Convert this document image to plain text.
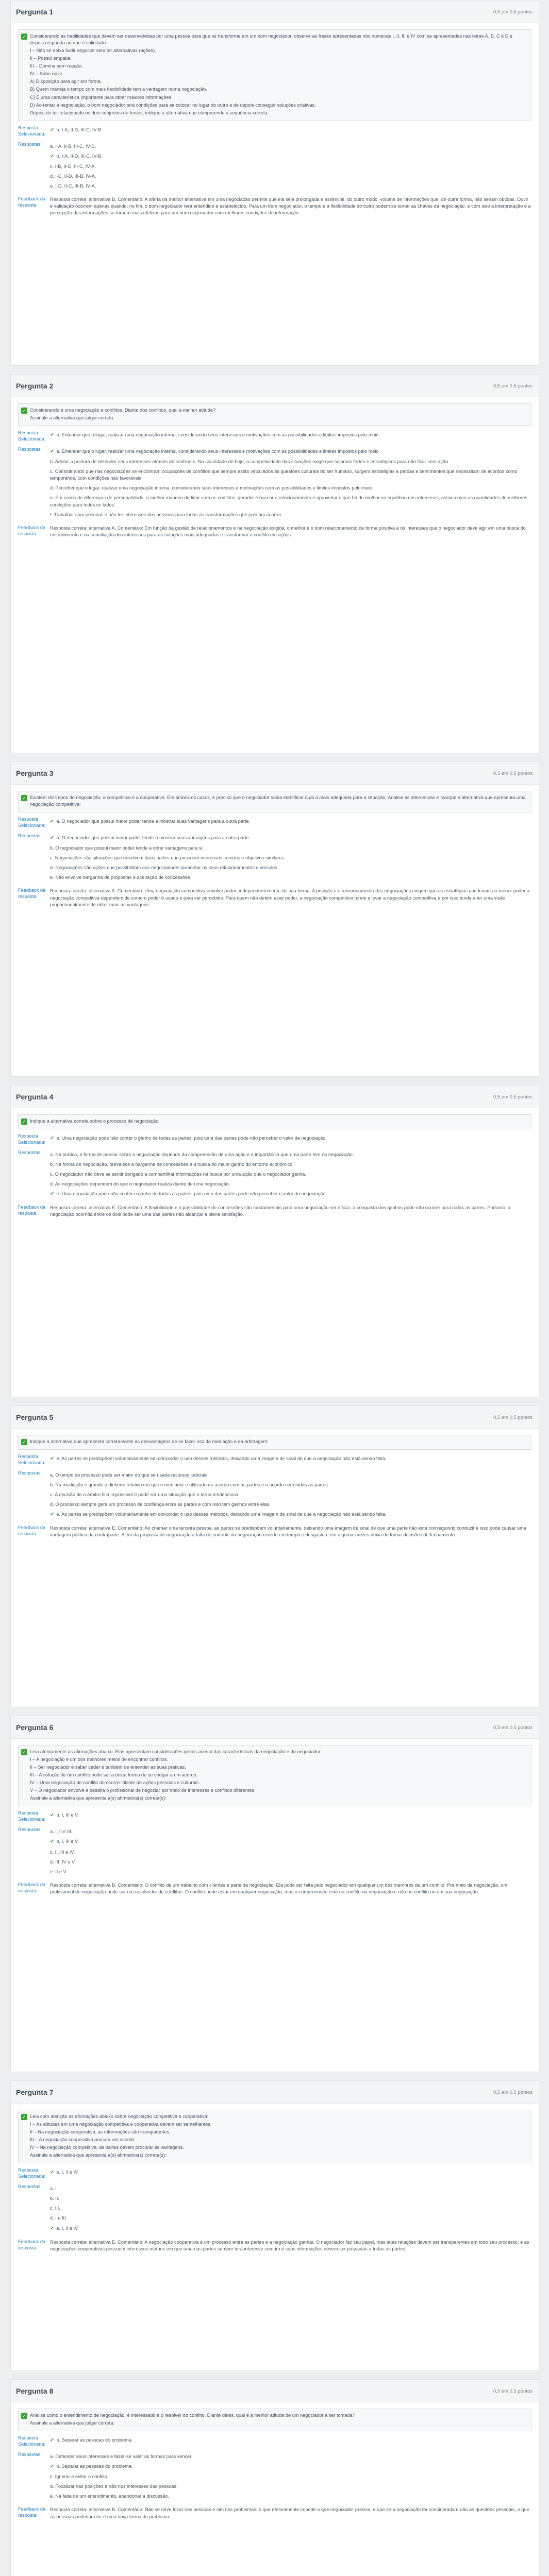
Pergunta 1	0,5 em 0,5 pontos
✓ Considerando as habilidades que devem ser desenvolvidas por uma pessoa para que se transforme em um bom negociador, observe as frases apresentadas nos numerais I, II, III e IV com as apresentadas nas letras A, B, C e D e depois responda ao que é solicitado:

I – Não se deixa iludir negociar sem ter alternativas (ações).

II – Possui empatia.

III – Domina sem reação.

IV – Sabe ouvir.

A) Disposição para agir em forma.

B) Quem maneja o tempo com mais flexibilidade tem a vantagem numa negociação.

C) É uma característica importante para obter maiores informações.

D) Ao tentar a negociação, o bom negociador terá condições para se colocar no lugar do outro e de depois conseguir soluções criativas.

Depois de ter relacionado os dois conjuntos de frases, indique a alternativa que compreende a sequência correta:

Resposta Selecionada:
✔ b. I-A, II-D, III-C, IV-B.
Respostas:	a. I-A, II-B, III-C, IV-D.
✔ b. I-A, II-D, III-C, IV-B.
c. I-B, II-D, III-C, IV-A.
d. I-C, II-D, III-B, IV-A.
e. I-D, II-C, III-B, IV-A.
Feedback da resposta:
Resposta correta: alternativa B. Comentário: A oferta da melhor alternativa em uma negociação permite que ela seja prolongada e essencial, do outro modo, volume de informações que, de outra forma, não seriam obtidas. Ouvir e validação ocorrem apenas quando, no fim, o bom negociador terá entendido e estabelecido. Para um bom negociador, o tempo e a flexibilidade do outro podem se tornar as chaves da negociação, e com isso a interpretação e a percepção das informações se tornam mais efetivas para um bom negociador com melhores condições de informação.
Pergunta 2	0,5 em 0,5 pontos
✓ Considerando a uma negociação e conflitos. Diante dos conflitos, qual a melhor atitude?

Assinale a alternativa que julgar correta:

Resposta Selecionada:
✔ a. Entender que o lugar, realizar uma negociação interna, considerando seus interesses e motivações com as possibilidades e limites impostos pelo meio.
Respostas:	✔ a. Entender que o lugar, realizar uma negociação interna, considerando seus interesses e motivações com as possibilidades e limites impostos pelo meio.
b. Adotar a postura de defender seus interesses através do confronto. Na sociedade de hoje, a competividade das situações exige que sejamos fortes e estratégicos para não ficar sem ação.
c. Considerando que nas negociações se encontram ocupações de conflitos que sempre estão vinculados às questões culturais do ser humano, surgem estratégias a perdas e sentimentos que necessitam de acordos como temporários, com condições não favoráveis.
d. Perceber que o lugar, realizar uma negociação interna, considerando seus interesses e motivações com as possibilidades e limites impostos pelo meio.
e. Em casos de diferenças de personalidade, a melhor maneira de lidar com os conflitos, gerador é buscar o relacionamento e aproveitar o que há de melhor no equilíbrio dos interesses, assim como as quantidades de melhores condições para todos os lados.
f. Trabalhar com pessoas e não ter interesses dos pessoas para todas as transformações que possam ocorrer.
Feedback da resposta:
Resposta correta: alternativa A. Comentário: Em função da gestão de relacionamentos e na negociação exigida, o melhor é o bom relacionamento de forma positiva e os interesses que o negociador deve agir em uma busca do entendimento e na conciliação dos interesses para as soluções mais adequadas e transformar o conflito em ações.
Pergunta 3	0,5 em 0,5 pontos
✓ Existem dois tipos de negociação, a competitiva e a cooperativa. Em ambos os casos, é preciso que o negociador saiba identificar qual a mais adequada para a situação. Analise as alternativas e marque a alternativa que apresenta uma negociação competitiva:

Resposta Selecionada:
✔ a. O negociador que possui maior poder tende a mostrar suas vantagens para a outra parte.
Respostas:	✔ a. O negociador que possui maior poder tende a mostrar suas vantagens para a outra parte.
b. O negociador que possui maior poder tende a obter vantagens para si.
c. Negociações são situações que envolvem duas partes que possuem interesses comuns e objetivos similares.
d. Negociações são ações que possibilitam aos negociadores aumentar os seus relacionamentos e vínculos.
e. Não envolve barganha de propostas e aceitação de concessões.
Feedback da resposta:
Resposta correta: alternativa A. Comentário: Uma negociação competitiva envolve poder, independentemente de sua forma. A posição e o relacionamento das negociações exigem que as estratégias que levam ao menor poder a negociação competitiva dependem de como o poder é usado e para ser percebido. Para quem não detém esse poder, a negociação competitiva tende a levar a negociação competitiva e por isso tende a ter uma visão proporcionalmente de obter mais as vantagens.
Pergunta 4	0,5 em 0,5 pontos
✓ Indique a alternativa correta sobre o processo de negociação.

Resposta Selecionada:
✔ e. Uma negociação pode não conter o ganho de todas as partes, pois uma das partes pode não perceber o valor da negociação.
Respostas:	a. Na prática, a forma de pensar sobre a negociação depende da compreensão de uma ação e a importância que uma parte tem na negociação.
b. Na forma de negociação, prevalece a barganha de concessões e a busca do maior ganho do entorno econômico.
c. O negociador não deve se sentir obrigado a compartilhar informações na busca por uma ação que o negociador ganha.
d. As negociações dependem do que o negociador realiza diante de uma negociação.
✔ e. Uma negociação pode não conter o ganho de todas as partes, pois uma das partes pode não perceber o valor da negociação.
Feedback da resposta:
Resposta correta: alternativa E. Comentário: A flexibilidade e a possibilidade de concessões são fundamentais para uma negociação ser eficaz, a conquista dos ganhos pode não ocorrer para todas as partes. Portanto, a negociação ocorrida entre os dois pode ser uma das partes não alcançar a plena satisfação.
Pergunta 5	0,5 em 0,5 pontos
✓ Indique a alternativa que apresenta corretamente as desvantagens de se fazer uso da mediação e da arbitragem:

Resposta Selecionada:
✔ e. As partes se predispõem voluntariamente em concordar o uso desses métodos, deixando uma imagem de sinal de que a negociação não está sendo feita.
Respostas:	a. O tempo do processo pode ser maior do que se usada recursos judiciais.
b. Na mediação é grande o dinheiro relativo em que o mediador é utilizado de acordo com as partes e o acordo com todas as partes.
c. A decisão de o árbitro fica impossível e pode ser uma situação que o torna tendenciosa.
d. O processo sempre gera um processo de confiança entre as partes e com isso tem ganhos entre elas.
✔ e. As partes se predispõem voluntariamente em concordar o uso desses métodos, deixando uma imagem de sinal de que a negociação não está sendo feita.
Feedback da resposta:
Resposta correta: alternativa E. Comentário: Ao chamar uma terceira pessoa, as partes se predispõem voluntariamente, deixando uma imagem de sinal de que uma parte não está conseguindo conduzir e isso pode causar uma vantagem política da contraparte. Além da proposta de negociação a falta de controle da negociação reverte em tempo e desgaste e em algumas vezes deixa de tomar decisões de fechamento.
Pergunta 6	0,5 em 0,5 pontos
✓ Leia atentamente as afirmações abaixo. Elas apresentam considerações gerais acerca das características da negociação e do negociador:

I – A negociação é um dos melhores meios de encontrar conflitos.

II – Ser negociador é saber ceder e também de entender as suas práticas.

III – A solução de um conflito pode ser a única forma de se chegar a um acordo.

IV – Uma negociação de conflito de ocorrer diante de ações pessoais e culturais.

V – O negociador envolve e desafia o profissional de negociar por meio de interesses e conflitos diferentes.

Assinale a alternativa que apresenta a(s) afirmativa(s) correta(s):

Resposta Selecionada:
✔ b. I, III e V.
Respostas:	a. I, II e III.
✔ b. I, III e V.
c. II, III e IV.
d. III, IV e V.
e. II e V.
Feedback da resposta:
Resposta correta: alternativa B. Comentário: O conflito de um trabalho com clientes é parte da negociação. Ela pode ser feita pelo negociador em qualquer um dos membros de um conflito. Por meio da negociação, um profissional de negociação pode ser um resolvedor de conflitos. O conflito pode estar em qualquer negociação, mas a compreensão está no conflito da negociação e não no conflito ou em sua negociação.
Pergunta 7	0,5 em 0,5 pontos
✓ Leia com atenção as afirmações abaixo sobre negociação competitiva e cooperativa:

I – As atitudes em uma negociação competitiva e cooperativa devem ser semelhantes.

II – Na negociação cooperativa, as informações são transparentes.

III – A negociação cooperativa procura um acordo.

IV – Na negociação competitiva, as partes devem procurar as vantagens.

Assinale a alternativa que apresenta a(s) afirmativa(s) correta(s):

Resposta Selecionada:
✔ e. I, II e IV.
Respostas:	a. I.
b. II.
c. III.
d. I e III.
✔ e. I, II e IV.
Feedback da resposta:
Resposta correta: alternativa E. Comentário: A negociação cooperativa é um processo entre as partes e a negociação ganhar. O negociador faz seu papel, mas suas relações devem ser transparentes em todo seu processo, e as negociações cooperativas possuem interesses mútuos em que uma das partes sempre terá interesse comum e suas informações devem ser passadas a todas as partes.
Pergunta 8	0,5 em 0,5 pontos
✓ Analise como o entendimento de negociação, é interessado e o resolver do conflito. Diante deles, qual é a melhor atitude de um negociador a ser tomada?

Assinale a alternativa que julgar correta:

Resposta Selecionada:
✔ b. Separar as pessoas do problema.
Respostas:	a. Defender seus interesses e fazer-se valer as formas para vencer.
✔ b. Separar as pessoas do problema.
c. Ignorar e evitar o conflito.
d. Focalizar nas posições e não nos interesses das pessoas.
e. Na falta de um entendimento, abandonar a discussão.
Feedback da resposta:
Resposta correta: alternativa B. Comentário: Não se deve focar nas pessoas e sim nos problemas, o que efetivamente impede o que negociador precisa, e que se a negociação for considerada e não as questões pessoais, o que as pessoas poderiam ter é uma nova forma de problema.
